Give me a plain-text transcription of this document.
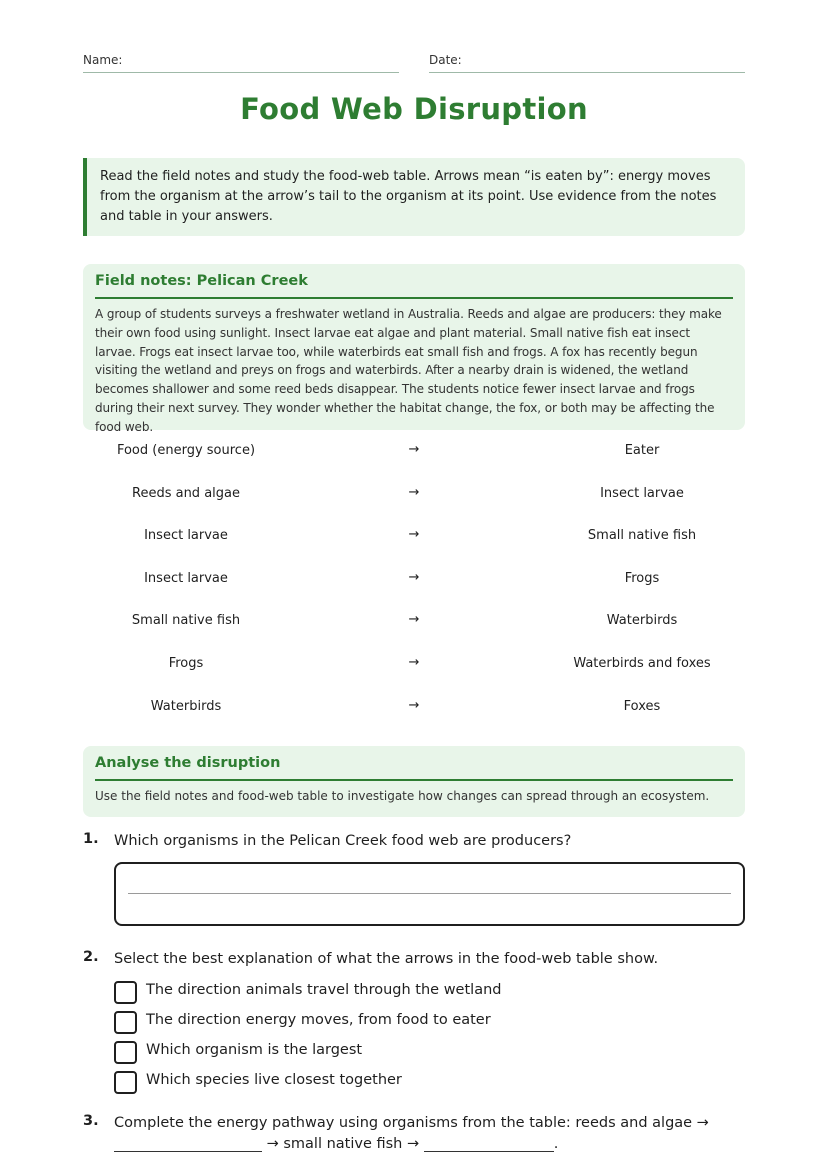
Name:	Date:
Food Web Disruption
Read the field notes and study the food-web table. Arrows mean “is eaten by”: energy moves from the organism at the arrow’s tail to the organism at its point. Use evidence from the notes and table in your answers.
Field notes: Pelican Creek
A group of students surveys a freshwater wetland in Australia. Reeds and algae are producers: they make their own food using sunlight. Insect larvae eat algae and plant material. Small native fish eat insect larvae. Frogs eat insect larvae too, while waterbirds eat small fish and frogs. A fox has recently begun visiting the wetland and preys on frogs and waterbirds. After a nearby drain is widened, the wetland becomes shallower and some reed beds disappear. The students notice fewer insect larvae and frogs during their next survey. They wonder whether the habitat change, the fox, or both may be affecting the food web.
Food (energy source)	→	Eater
Reeds and algae	→	Insect larvae
Insect larvae	→	Small native fish
Insect larvae	→	Frogs
Small native fish	→	Waterbirds
Frogs	→	Waterbirds and foxes
Waterbirds	→	Foxes
Analyse the disruption
Use the field notes and food-web table to investigate how changes can spread through an ecosystem.
1. Which organisms in the Pelican Creek food web are producers?
2. Select the best explanation of what the arrows in the food-web table show.
The direction animals travel through the wetland
The direction energy moves, from food to eater
Which organism is the largest
Which species live closest together
3. Complete the energy pathway using organisms from the table: reeds and algae →
→ small native fish →	.
